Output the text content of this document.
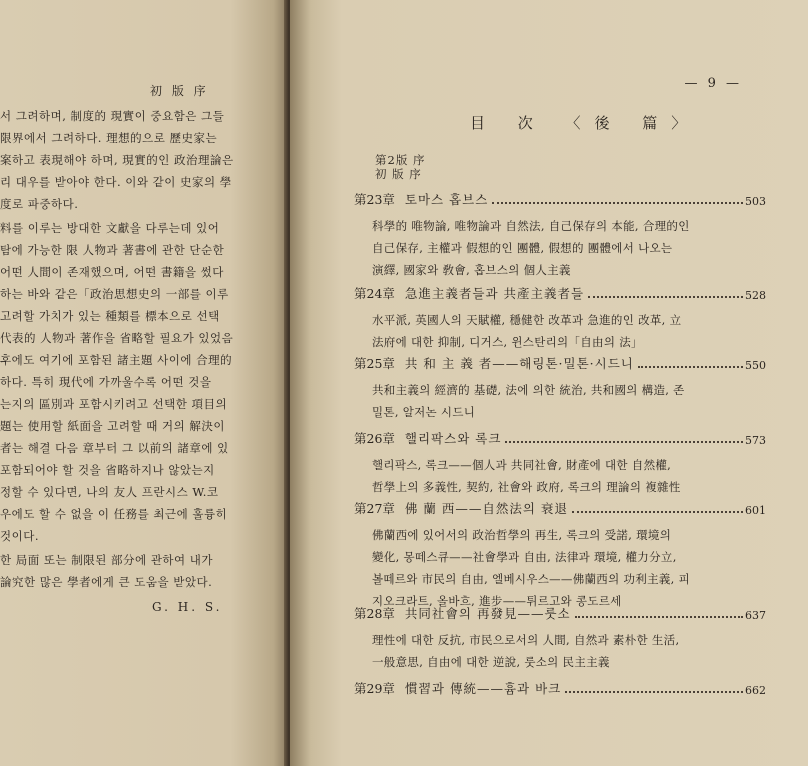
初 版 序
서 그려하며, 制度的 現實이 중요함은 그들
限界에서 그려하다. 理想的으로 歷史家는
案하고 表現해야 하며, 現實的인 政治理論은
리 대우를 받아야 한다. 이와 같이 史家의 學
度로 파중하다.
料를 이루는 방대한 文獻을 다루는데 있어
탐에 가능한 限 人物과 著書에 관한 단순한
어떤 人間이 존재했으며, 어떤 書籍을 썼다
하는 바와 같은「政治思想史의 一部를 이루
고려할 가치가 있는 種類를 標本으로 선택
代表的 人物과 著作을 省略할 필요가 있었음
후에도 여기에 포함된 諸主題 사이에 合理的
하다. 특히 現代에 가까울수록 어떤 것을
는지의 區別과 포함시키려고 선택한 項目의
題는 使用할 紙面을 고려할 때 거의 解決이
者는 해결 다음 章부터 그 以前의 諸章에 있
포함되어야 할 것을 省略하지나 않았는지
정할 수 있다면, 나의 友人 프란시스 W.코
우에도 할 수 없을 이 任務를 최근에 훌륭히
것이다.
한 局面 또는 制限된 部分에 관하여 내가
論究한 많은 學者에게 큰 도움을 받았다.
G. H. S.
— 9 —
目 次 〈後 篇〉
第2版 序
初 版 序
第23章 토마스 홉브스	503
科學的 唯物論, 唯物論과 自然法, 自己保存의 本能, 合理的인
自己保存, 主權과 假想的인 團體, 假想的 團體에서 나오는
演繹, 國家와 敎會, 홉브스의 個人主義
第24章 急進主義者들과 共產主義者들	528
水平派, 英國人의 天賦權, 穩健한 改革과 急進的인 改革, 立
法府에 대한 抑制, 디거스, 윈스탄리의「自由의 法」
第25章 共 和 主 義 者——해링톤·밀톤·시드니	550
共和主義의 經濟的 基礎, 法에 의한 統治, 共和國의 構造, 존
밀톤, 알저논 시드니
第26章 핼리팍스와 록크	573
핼리팍스, 록크——個人과 共同社會, 財產에 대한 自然權,
哲學上의 多義性, 契約, 社會와 政府, 록크의 理論의 複雜性
第27章 佛 蘭 西——自然法의 衰退	601
佛蘭西에 있어서의 政治哲學의 再生, 록크의 受諾, 環境의
變化, 몽떼스큐——社會學과 自由, 法律과 環境, 權力分立,
볼떼르와 市民의 自由, 엘베시우스——佛蘭西의 功利主義, 피
지오크라트, 올바흐, 進步——튀르고와 콩도르세
第28章 共同社會의 再發見——룻소	637
理性에 대한 反抗, 市民으로서의 人間, 自然과 素朴한 生活,
一般意思, 自由에 대한 逆說, 룻소의 民主主義
第29章 慣習과 傳統——흄과 바크	662
